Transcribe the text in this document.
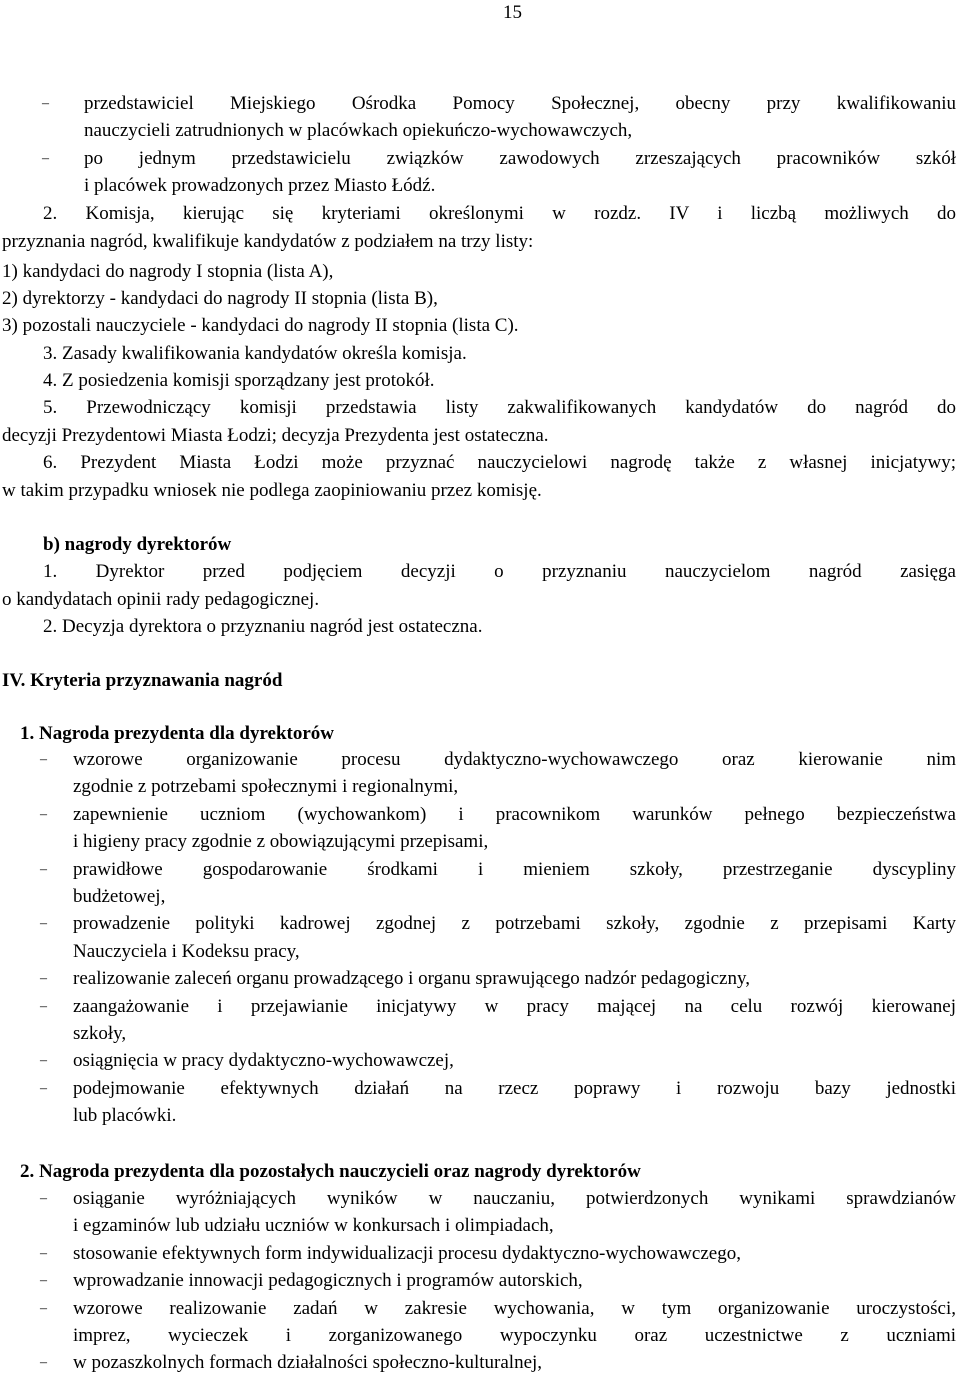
15
– przedstawiciel Miejskiego Ośrodka Pomocy Społecznej, obecny przy kwalifikowaniu
nauczycieli zatrudnionych w placówkach opiekuńczo-wychowawczych,
– po jednym przedstawicielu związków zawodowych zrzeszających pracowników szkół
i placówek prowadzonych przez Miasto Łódź.
2. Komisja, kierując się kryteriami określonymi w rozdz. IV i liczbą możliwych do
przyznania nagród, kwalifikuje kandydatów z podziałem na trzy listy:
1) kandydaci do nagrody I stopnia (lista A),
2) dyrektorzy - kandydaci do nagrody II stopnia (lista B),
3) pozostali nauczyciele - kandydaci do nagrody II stopnia (lista C).
3. Zasady kwalifikowania kandydatów określa komisja.
4. Z posiedzenia komisji sporządzany jest protokół.
5. Przewodniczący komisji przedstawia listy zakwalifikowanych kandydatów do nagród do
decyzji Prezydentowi Miasta Łodzi; decyzja Prezydenta jest ostateczna.
6. Prezydent Miasta Łodzi może przyznać nauczycielowi nagrodę także z własnej inicjatywy;
w takim przypadku wniosek nie podlega zaopiniowaniu przez komisję.
b) nagrody dyrektorów
1. Dyrektor przed podjęciem decyzji o przyznaniu nauczycielom nagród zasięga
o kandydatach opinii rady pedagogicznej.
2. Decyzja dyrektora o przyznaniu nagród jest ostateczna.
IV. Kryteria przyznawania nagród
1. Nagroda prezydenta dla dyrektorów
– wzorowe organizowanie procesu dydaktyczno-wychowawczego oraz kierowanie nim
zgodnie z potrzebami społecznymi i regionalnymi,
– zapewnienie uczniom (wychowankom) i pracownikom warunków pełnego bezpieczeństwa
i higieny pracy zgodnie z obowiązującymi przepisami,
– prawidłowe gospodarowanie środkami i mieniem szkoły, przestrzeganie dyscypliny
budżetowej,
– prowadzenie polityki kadrowej zgodnej z potrzebami szkoły, zgodnie z przepisami Karty
Nauczyciela i Kodeksu pracy,
– realizowanie zaleceń organu prowadzącego i organu sprawującego nadzór pedagogiczny,
– zaangażowanie i przejawianie inicjatywy w pracy mającej na celu rozwój kierowanej
szkoły,
– osiągnięcia w pracy dydaktyczno-wychowawczej,
– podejmowanie efektywnych działań na rzecz poprawy i rozwoju bazy jednostki
lub placówki.
2. Nagroda prezydenta dla pozostałych nauczycieli oraz nagrody dyrektorów
– osiąganie wyróżniających wyników w nauczaniu, potwierdzonych wynikami sprawdzianów
i egzaminów lub udziału uczniów w konkursach i olimpiadach,
– stosowanie efektywnych form indywidualizacji procesu dydaktyczno-wychowawczego,
– wprowadzanie innowacji pedagogicznych i programów autorskich,
– wzorowe realizowanie zadań w zakresie wychowania, w tym organizowanie uroczystości,
imprez, wycieczek i zorganizowanego wypoczynku oraz uczestnictwe z uczniami
– w pozaszkolnych formach działalności społeczno-kulturalnej,
